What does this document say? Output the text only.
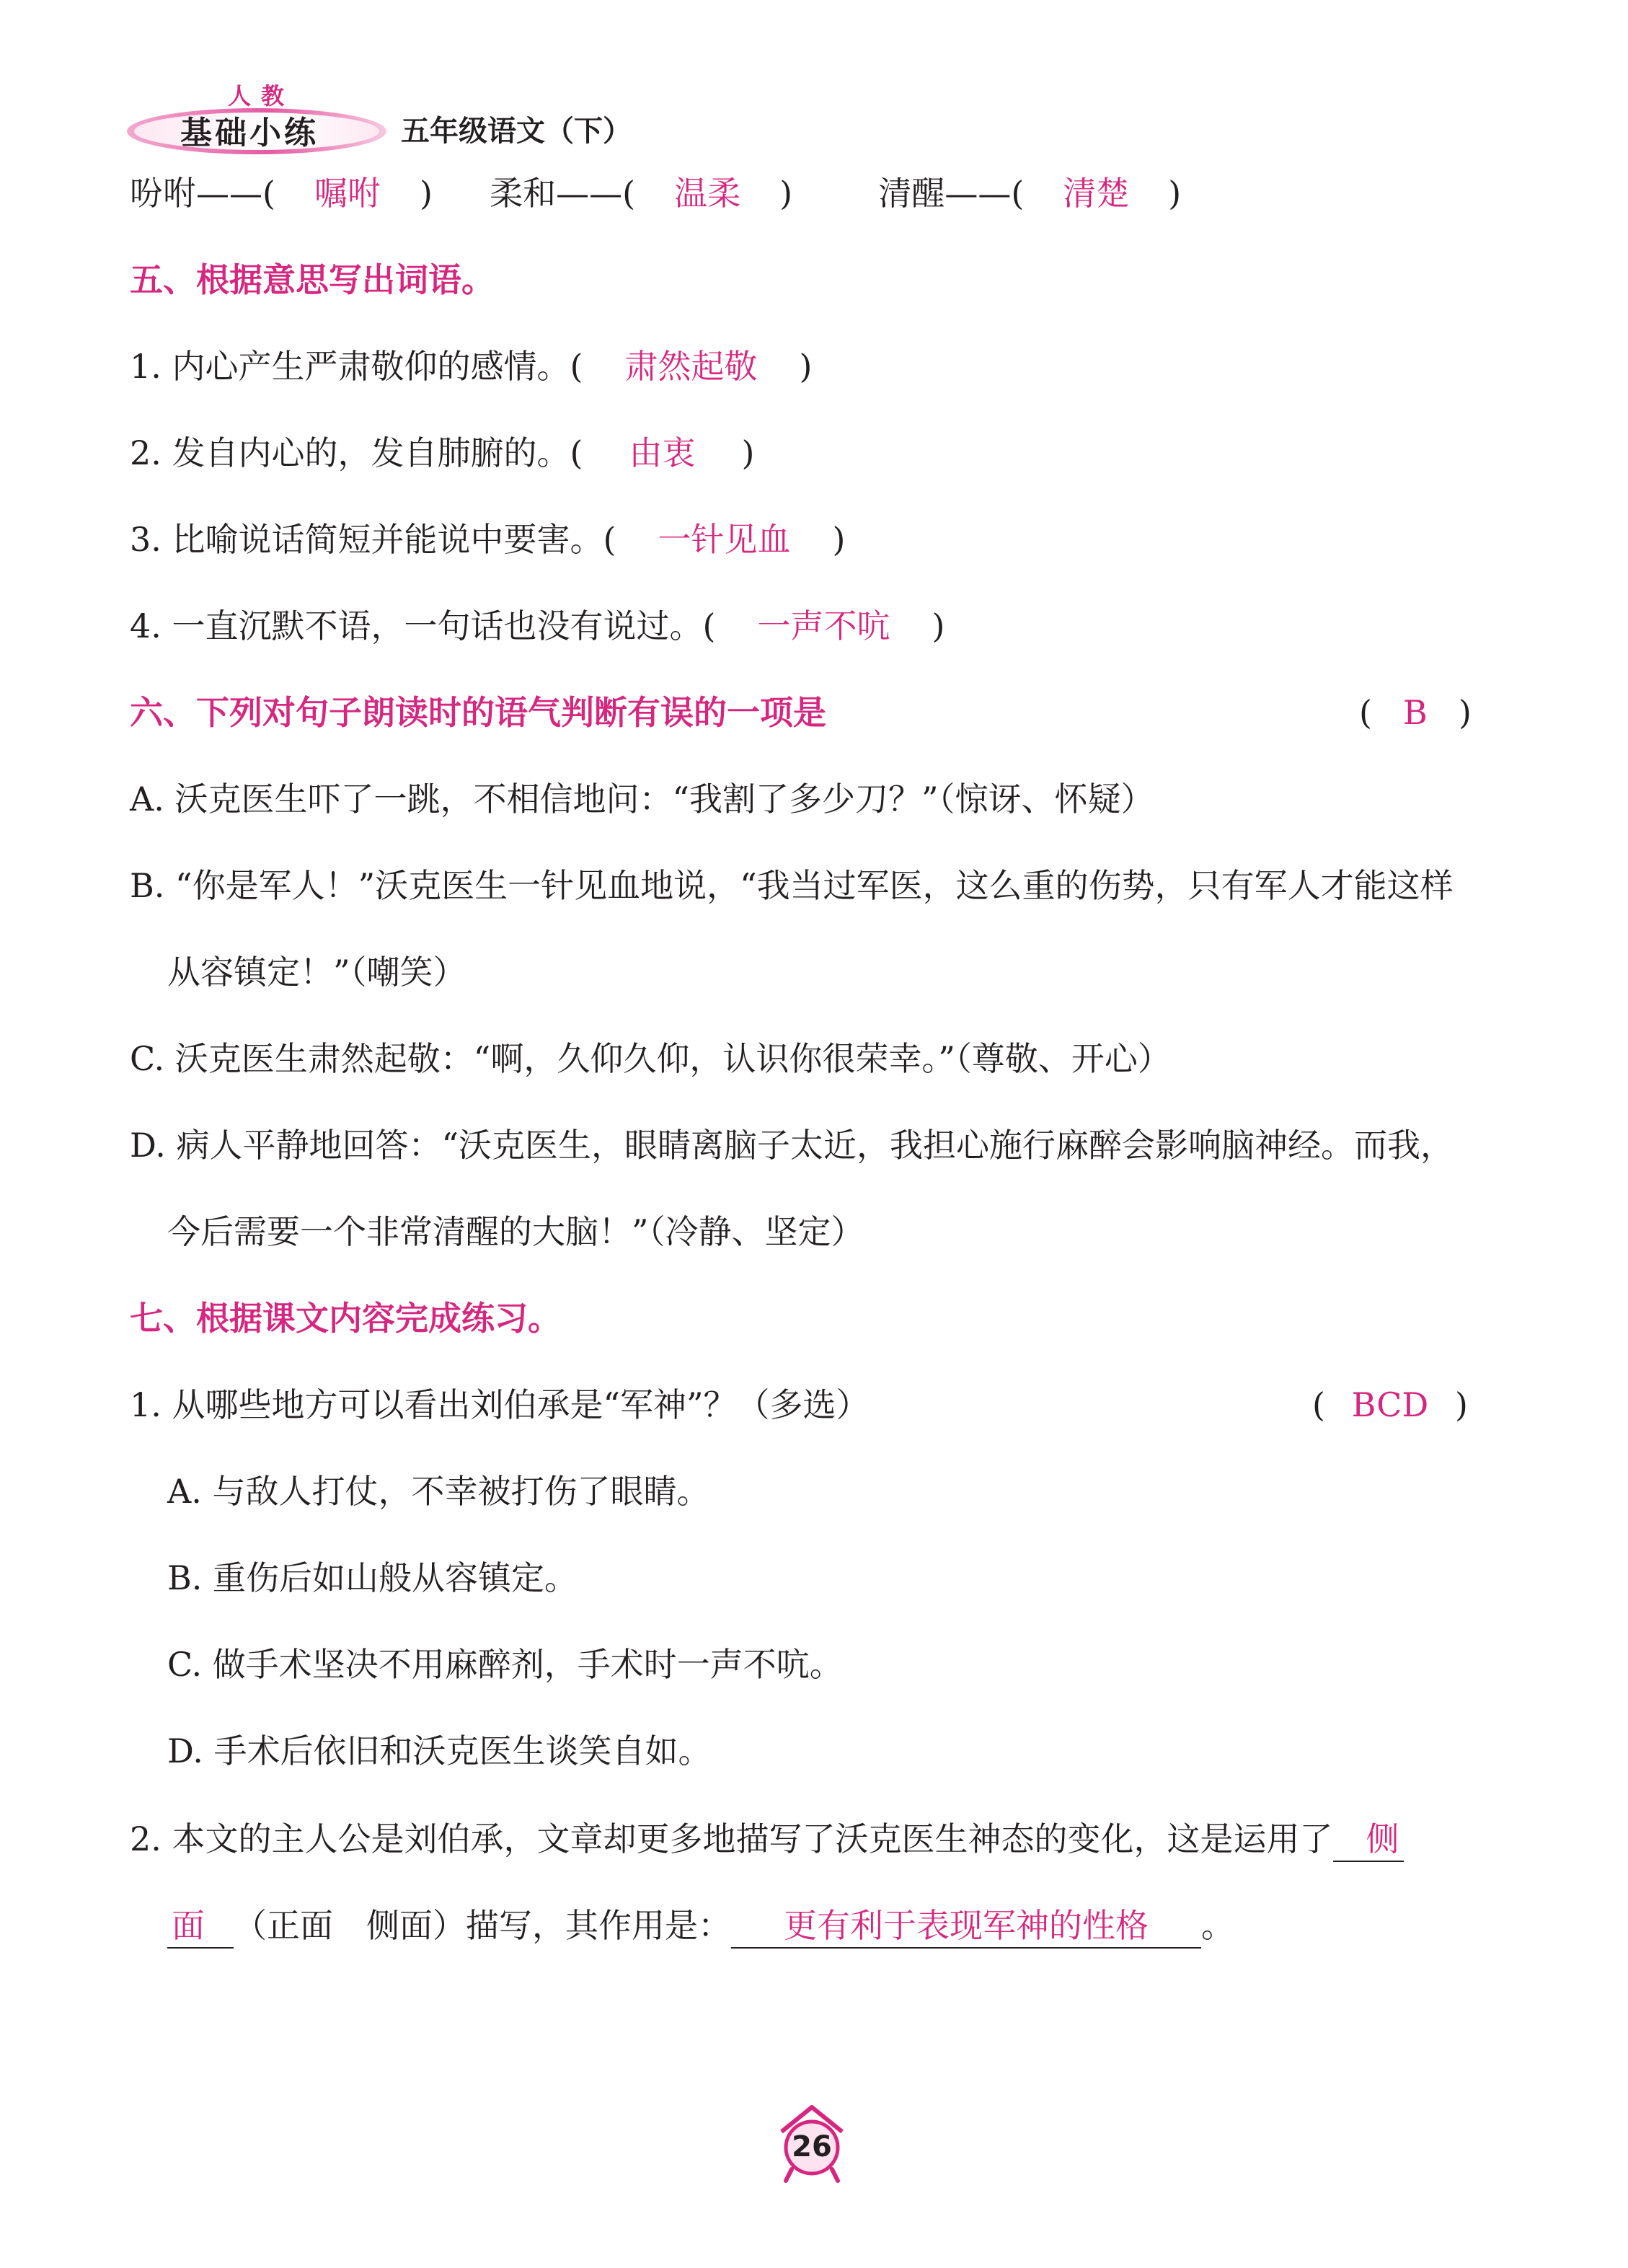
人教
基础小练	五年级语文（下）
吩咐——( 嘱咐 ) 柔和——( 温柔 )	清醒——( 清楚 )
五、根据意思写出词语。
1. 内心产生严肃敬仰的感情。( 肃然起敬 )
2. 发自内心的，发自肺腑的。( 由衷 )
3. 比喻说话简短并能说中要害。( 一针见血 )
4. 一直沉默不语，一句话也没有说过。( 一声不吭 )
六、下列对句子朗读时的语气判断有误的一项是	( B )
A. 沃克医生吓了一跳，不相信地问：“我割了多少刀？”（惊讶、怀疑）
B. “你是军人！”沃克医生一针见血地说，“我当过军医，这么重的伤势，只有军人才能这样
从容镇定！”（嘲笑）
C. 沃克医生肃然起敬：“啊，久仰久仰，认识你很荣幸。”（尊敬、开心）
D. 病人平静地回答：“沃克医生，眼睛离脑子太近，我担心施行麻醉会影响脑神经。而我，
今后需要一个非常清醒的大脑！”（冷静、坚定）
七、根据课文内容完成练习。
1. 从哪些地方可以看出刘伯承是“军神”？（多选）	( BCD )
A. 与敌人打仗，不幸被打伤了眼睛。
B. 重伤后如山般从容镇定。
C. 做手术坚决不用麻醉剂，手术时一声不吭。
D. 手术后依旧和沃克医生谈笑自如。
2. 本文的主人公是刘伯承，文章却更多地描写了沃克医生神态的变化，这是运用了 侧
面 （正面　侧面）描写，其作用是： 更有利于表现军神的性格 。
26
